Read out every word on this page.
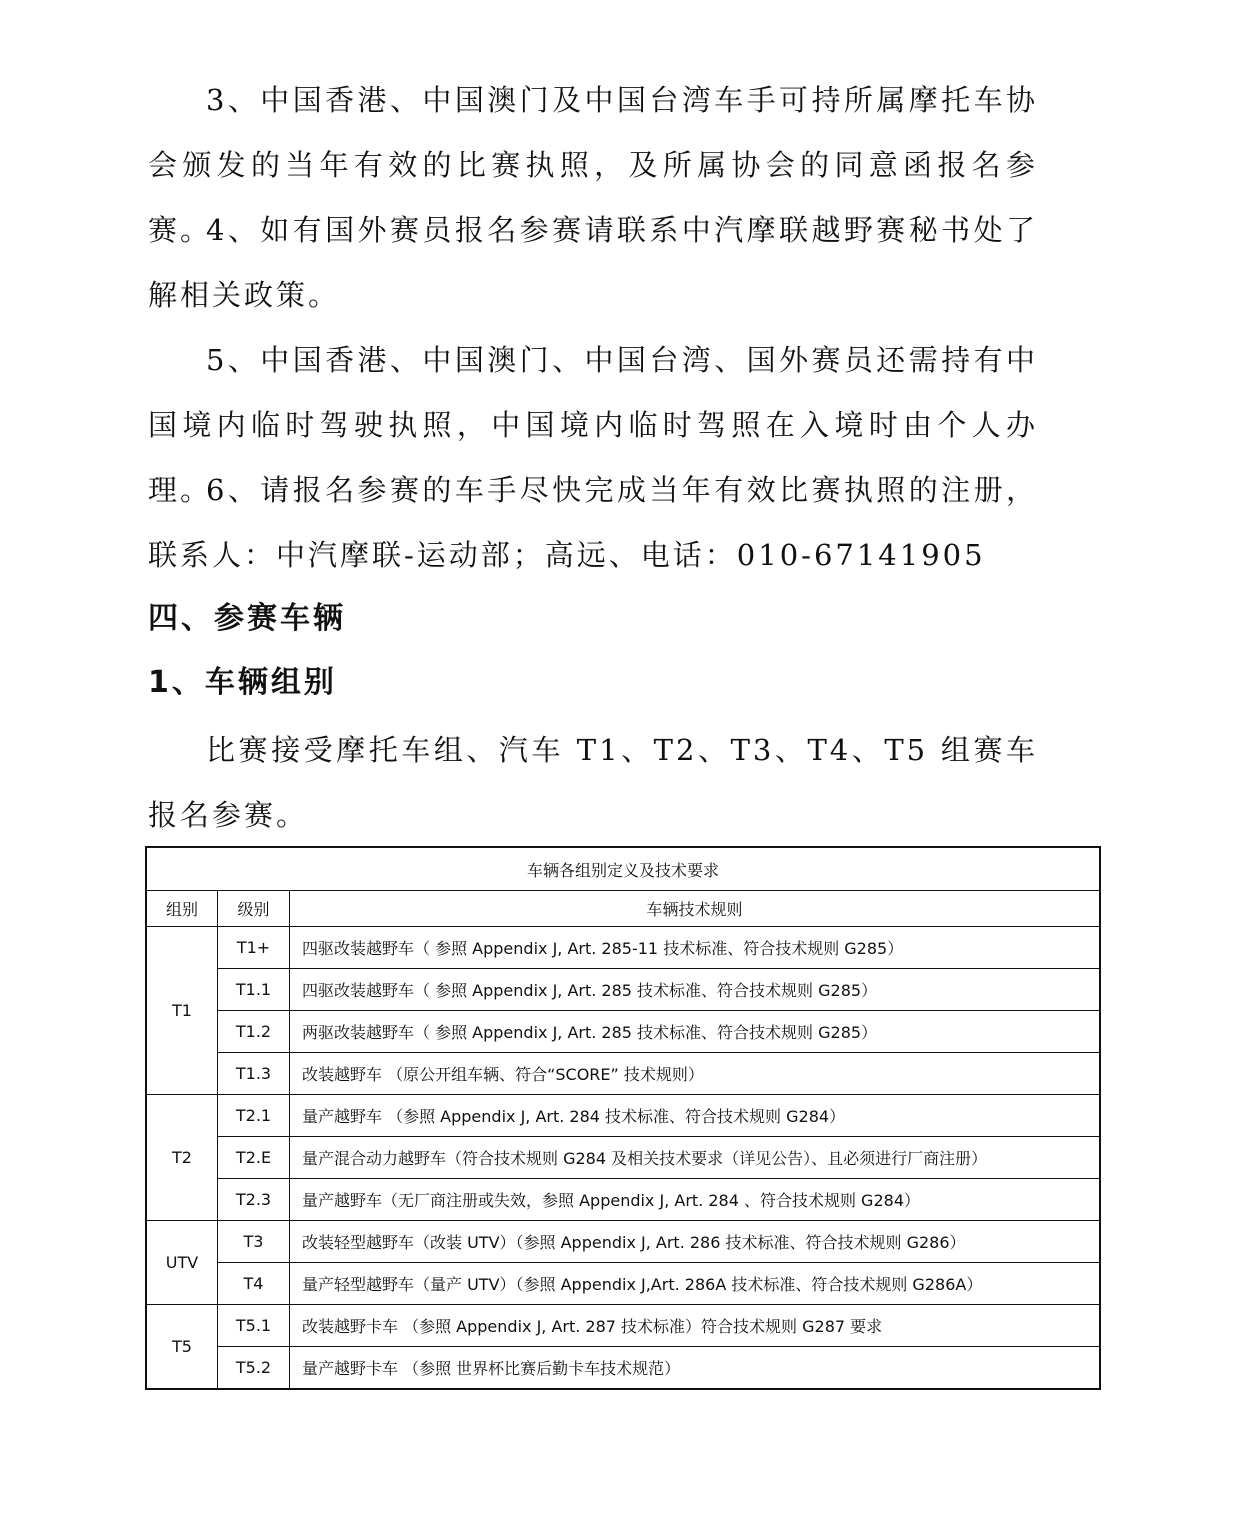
3、中国香港、中国澳门及中国台湾车手可持所属摩托车协会颁发的当年有效的比赛执照，及所属协会的同意函报名参赛。

4、如有国外赛员报名参赛请联系中汽摩联越野赛秘书处了解相关政策。

5、中国香港、中国澳门、中国台湾、国外赛员还需持有中国境内临时驾驶执照，中国境内临时驾照在入境时由个人办理。

6、请报名参赛的车手尽快完成当年有效比赛执照的注册，联系人：中汽摩联-运动部；高远、电话：010-67141905

四、参赛车辆
1、车辆组别

比赛接受摩托车组、汽车 T1、T2、T3、T4、T5 组赛车报名参赛。

车辆各组别定义及技术要求		
组别	级别	车辆技术规则
T1	T1+	四驱改装越野车（ 参照 Appendix J, Art. 285-11 技术标准、符合技术规则 G285）
	T1.1	四驱改装越野车（ 参照 Appendix J, Art. 285 技术标准、符合技术规则 G285）
	T1.2	两驱改装越野车（ 参照 Appendix J, Art. 285 技术标准、符合技术规则 G285）
	T1.3	改装越野车 （原公开组车辆、符合“SCORE” 技术规则）
T2	T2.1	量产越野车 （参照 Appendix J, Art. 284 技术标准、符合技术规则 G284）
	T2.E	量产混合动力越野车（符合技术规则 G284 及相关技术要求（详见公告）、且必须进行厂商注册）
	T2.3	量产越野车（无厂商注册或失效，参照 Appendix J, Art. 284 、符合技术规则 G284）
UTV	T3	改装轻型越野车（改装 UTV）（参照 Appendix J, Art. 286 技术标准、符合技术规则 G286）
	T4	量产轻型越野车（量产 UTV）（参照 Appendix J,Art. 286A 技术标准、符合技术规则 G286A）
T5	T5.1	改装越野卡车 （参照 Appendix J, Art. 287 技术标准）符合技术规则 G287 要求
	T5.2	量产越野卡车 （参照 世界杯比赛后勤卡车技术规范）
